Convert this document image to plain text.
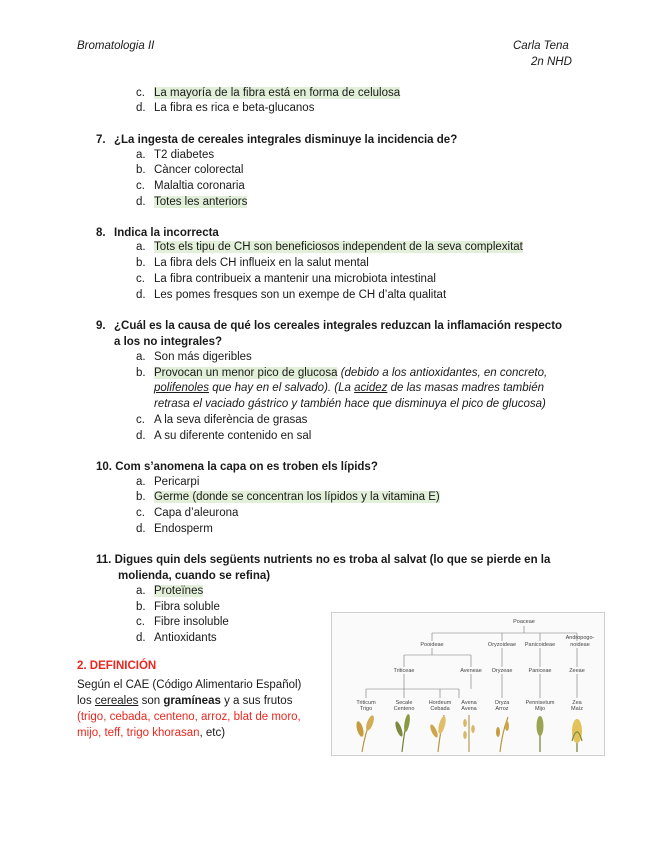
Bromatologia II	Carla Tena
2n NHD
c. La mayoría de la fibra está en forma de celulosa
d. La fibra es rica e beta-glucanos
7. ¿La ingesta de cereales integrales disminuye la incidencia de?
a. T2 diabetes
b. Càncer colorectal
c. Malaltia coronaria
d. Totes les anteriors
8. Indica la incorrecta
a. Tots els tipu de CH son beneficiosos independent de la seva complexitat
b. La fibra dels CH influeix en la salut mental
c. La fibra contribueix a mantenir una microbiota intestinal
d. Les pomes fresques son un exempe de CH d’alta qualitat
9. ¿Cuál es la causa de qué los cereales integrales reduzcan la inflamación respecto
a los no integrales?
a. Son más digeribles
b. Provocan un menor pico de glucosa (debido a los antioxidantes, en concreto,
polifenoles que hay en el salvado). (La acidez de las masas madres también
retrasa el vaciado gástrico y también hace que disminuya el pico de glucosa)
c. A la seva diferència de grasas
d. A su diferente contenido en sal
10. Com s’anomena la capa on es troben els lípids?
a. Pericarpi
b. Germe (donde se concentran los lípidos y la vitamina E)
c. Capa d’aleurona
d. Endosperm
11. Digues quin dels següents nutrients no es troba al salvat (lo que se pierde en la
molienda, cuando se refina)
a. Proteïnes
b. Fibra soluble
c. Fibre insoluble
d. Antioxidants
2. DEFINICIÓN
Según el CAE (Código Alimentario Español)
los cereales son gramíneas y a sus frutos
(trigo, cebada, centeno, arroz, blat de moro,
mijo, teff, trigo khorasan, etc)
Poaceae
Pooideae	Oryzoideae Panicoideae
Andropogo-
noideae
Triticeae	Aveneae Oryzeae	Paniceae	Zeeae
Triticum
Trigo
Secale
Centeno
Hordeum
Cebada
Avena
Avena
Oryza
Arroz
Pennisetum
Mijo
Zea
Maíz
